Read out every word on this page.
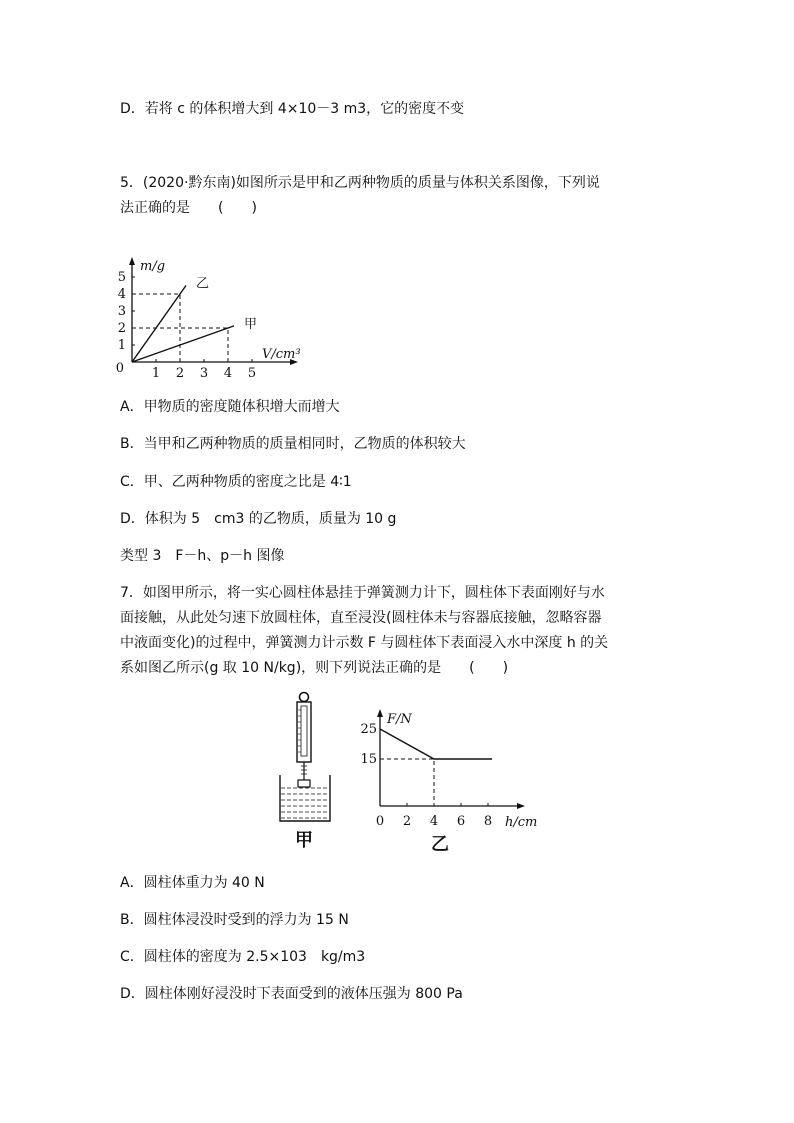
D．若将 c 的体积增大到 4×10－3 m3，它的密度不变
5．(2020·黔东南)如图所示是甲和乙两种物质的质量与体积关系图像，下列说
法正确的是　　(　　)
1 2 3 4 5
1
2
3
4
5
0
m/g
V/cm³
乙
甲
A．甲物质的密度随体积增大而增大
B．当甲和乙两种物质的质量相同时，乙物质的体积较大
C．甲、乙两种物质的密度之比是 4∶1
D．体积为 5　cm3 的乙物质，质量为 10 g
类型 3　F－h、p－h 图像
7．如图甲所示，将一实心圆柱体悬挂于弹簧测力计下，圆柱体下表面刚好与水
面接触，从此处匀速下放圆柱体，直至浸没(圆柱体未与容器底接触，忽略容器
中液面变化)的过程中，弹簧测力计示数 F 与圆柱体下表面浸入水中深度 h 的关
系如图乙所示(g 取 10 N/kg)，则下列说法正确的是　　(　　)
甲
0 2 4 6 8
25
15
F/N
h/cm
乙
A．圆柱体重力为 40 N
B．圆柱体浸没时受到的浮力为 15 N
C．圆柱体的密度为 2.5×103　kg/m3
D．圆柱体刚好浸没时下表面受到的液体压强为 800 Pa
